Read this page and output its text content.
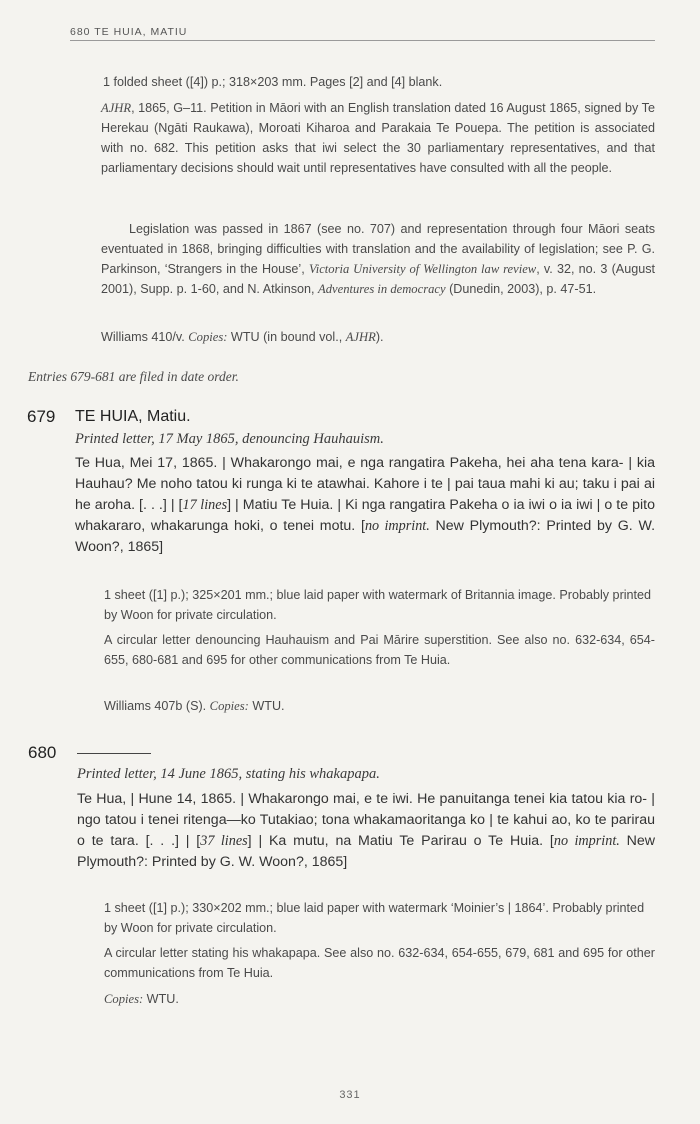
680 TE HUIA, MATIU
1 folded sheet ([4]) p.; 318×203 mm. Pages [2] and [4] blank.
AJHR, 1865, G–11. Petition in Māori with an English translation dated 16 August 1865, signed by Te Herekau (Ngāti Raukawa), Moroati Kiharoa and Parakaia Te Pouepa. The petition is associated with no. 682. This petition asks that iwi select the 30 parliamentary representatives, and that parliamentary decisions should wait until representatives have consulted with all the people.
Legislation was passed in 1867 (see no. 707) and representation through four Māori seats eventuated in 1868, bringing difficulties with translation and the availability of legislation; see P. G. Parkinson, ‘Strangers in the House’, Victoria University of Wellington law review, v. 32, no. 3 (August 2001), Supp. p. 1-60, and N. Atkinson, Adventures in democracy (Dunedin, 2003), p. 47-51.
Williams 410/v. Copies: WTU (in bound vol., AJHR).
Entries 679-681 are filed in date order.
679 TE HUIA, Matiu.
Printed letter, 17 May 1865, denouncing Hauhauism.
Te Hua, Mei 17, 1865. | Whakarongo mai, e nga rangatira Pakeha, hei aha tena kara- | kia Hauhau? Me noho tatou ki runga ki te atawhai. Kahore i te | pai taua mahi ki au; taku i pai ai he aroha. [. . .] | [17 lines] | Matiu Te Huia. | Ki nga rangatira Pakeha o ia iwi o ia iwi | o te pito whakararo, whakarunga hoki, o tenei motu. [no imprint. New Plymouth?: Printed by G. W. Woon?, 1865]
1 sheet ([1] p.); 325×201 mm.; blue laid paper with watermark of Britannia image. Probably printed by Woon for private circulation.
A circular letter denouncing Hauhauism and Pai Mārire superstition. See also no. 632-634, 654-655, 680-681 and 695 for other communications from Te Huia.
Williams 407b (S). Copies: WTU.
680
Printed letter, 14 June 1865, stating his whakapapa.
Te Hua, | Hune 14, 1865. | Whakarongo mai, e te iwi. He panuitanga tenei kia tatou kia ro- | ngo tatou i tenei ritenga—ko Tutakiao; tona whakamaoritanga ko | te kahui ao, ko te parirau o te tara. [. . .] | [37 lines] | Ka mutu, na Matiu Te Parirau o Te Huia. [no imprint. New Plymouth?: Printed by G. W. Woon?, 1865]
1 sheet ([1] p.); 330×202 mm.; blue laid paper with watermark ‘Moinier’s | 1864’. Probably printed by Woon for private circulation.
A circular letter stating his whakapapa. See also no. 632-634, 654-655, 679, 681 and 695 for other communications from Te Huia.
Copies: WTU.
331
